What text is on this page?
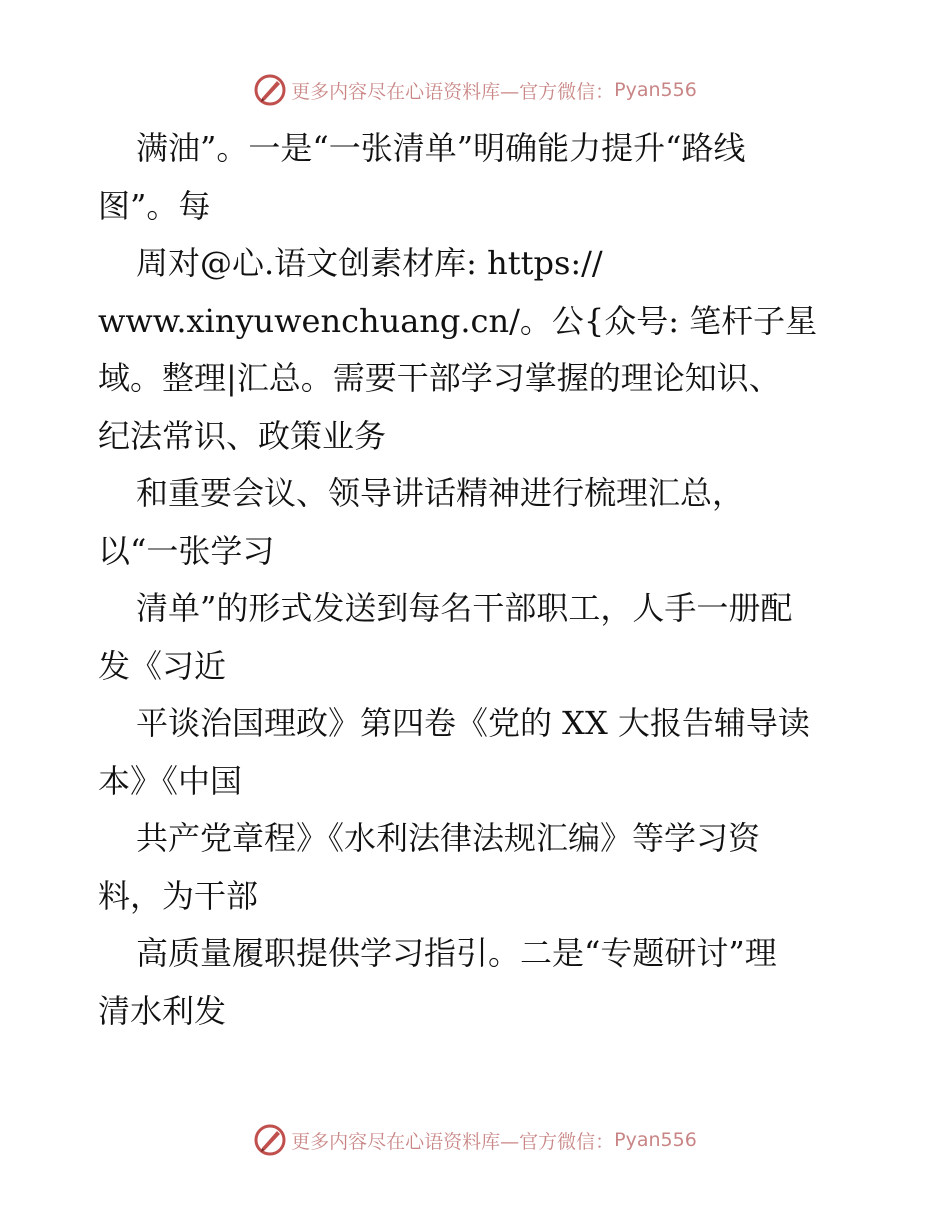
更多内容尽在心语资料库—官方微信： Pyan556
满油”。一是“一张清单”明确能力提升“路线
图”。每
周对@心.语文创素材库: https://
www.xinyuwenchuang.cn/。公{众号: 笔杆子星
域。整理|汇总。需要干部学习掌握的理论知识、
纪法常识、政策业务
和重要会议、领导讲话精神进行梳理汇总，
以“一张学习
清单”的形式发送到每名干部职工，人手一册配
发《习近
平谈治国理政》第四卷《党的 XX 大报告辅导读
本》《中国
共产党章程》《水利法律法规汇编》等学习资
料，为干部
高质量履职提供学习指引。二是“专题研讨”理
清水利发
更多内容尽在心语资料库—官方微信： Pyan556
